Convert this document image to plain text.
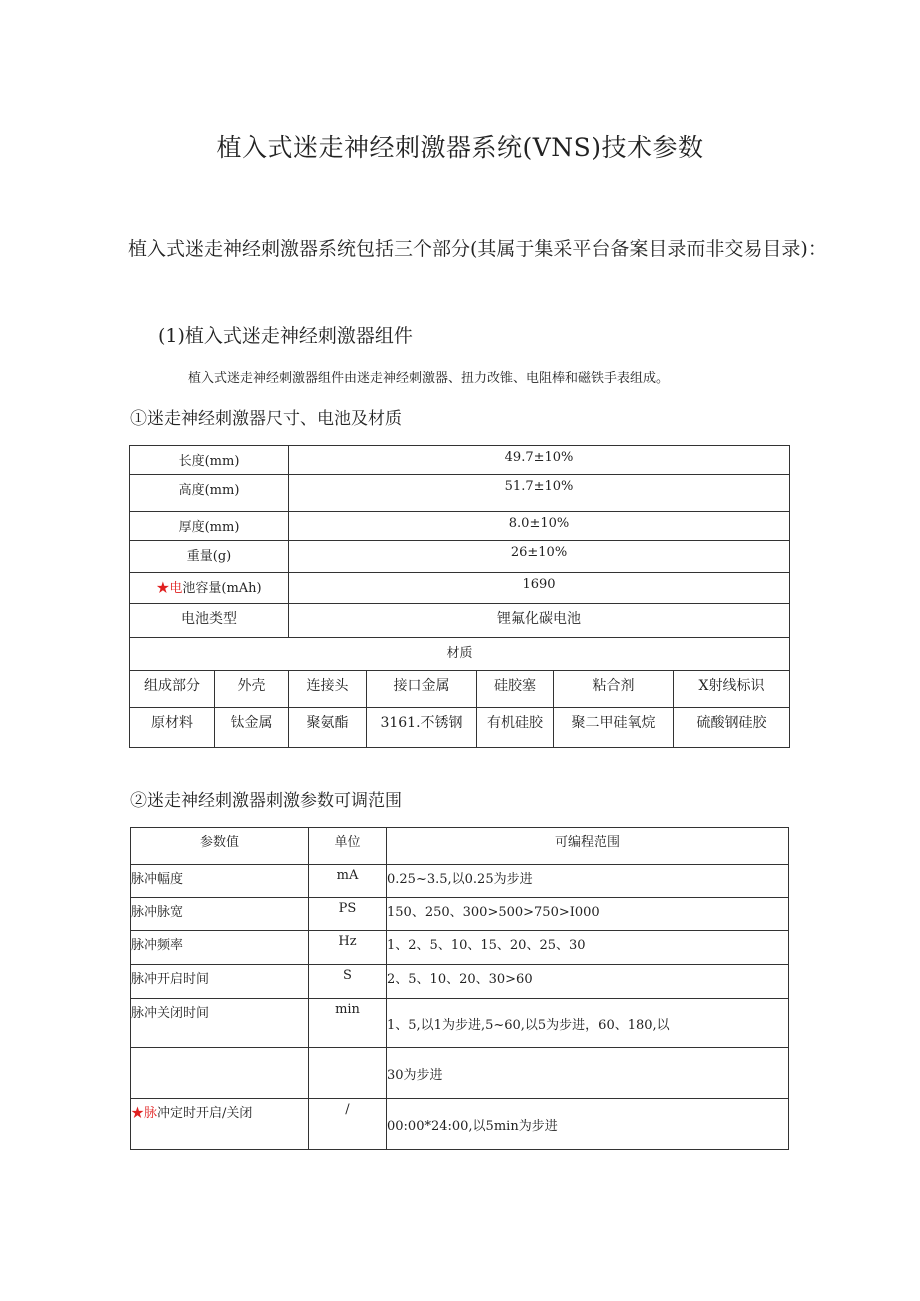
植入式迷走神经刺激器系统(VNS)技术参数

植入式迷走神经刺激器系统包括三个部分(其属于集采平台备案目录而非交易目录)：

(1)植入式迷走神经刺激器组件
植入式迷走神经刺激器组件由迷走神经刺激器、扭力改锥、电阻棒和磁铁手表组成。
①迷走神经刺激器尺寸、电池及材质
长度(mm)		49.7±10%				
高度(mm)		51.7±10%				
厚度(mm)		8.0±10%				
重量(g)		26±10%				
★电池容量(mAh)		1690				
电池类型		锂氟化碳电池				
材质						
组成部分	外壳	连接头	接口金属	硅胶塞	粘合剂	X射线标识
原材料	钛金属	聚氨酯	3161.不锈钢	有机硅胶	聚二甲硅氧烷	硫酸钢硅胶
②迷走神经刺激器刺激参数可调范围
参数值	单位	可编程范围
脉冲幅度	mA	0.25~3.5,以0.25为步进
脉冲脉宽	PS	150、250、300>500>750>I000
脉冲频率	Hz	1、2、5、10、15、20、25、30
脉冲开启时间	S	2、5、10、20、30>60
脉冲关闭时间	min	1、5,以1为步进,5~60,以5为步进，60、180,以
		30为步进
★脉冲定时开启/关闭	/	00:00*24:00,以5min为步进
